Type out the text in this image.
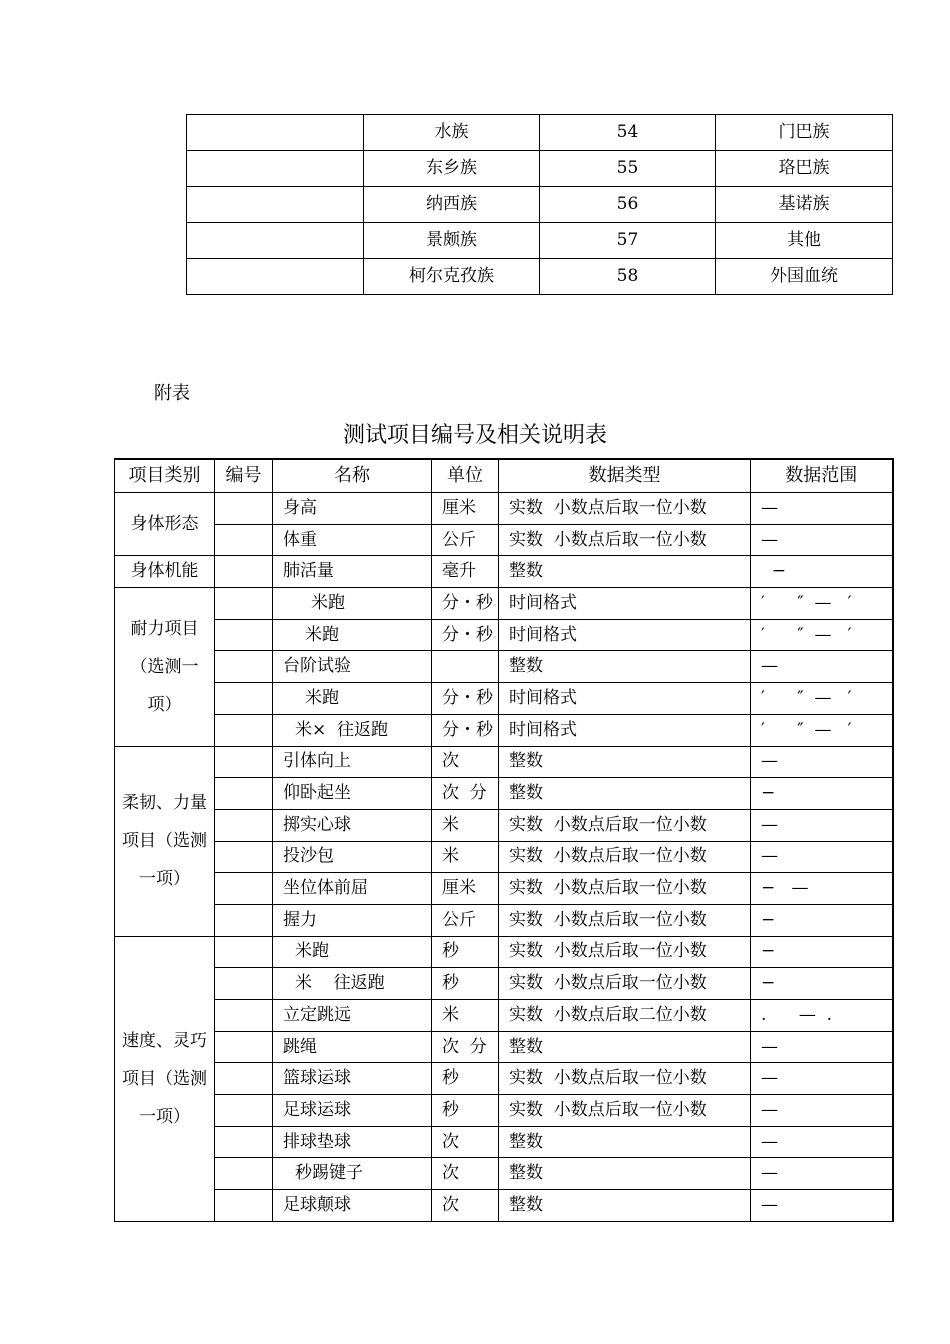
	水族	54	门巴族
	东乡族	55	珞巴族
	纳西族	56	基诺族
	景颇族	57	其他
	柯尔克孜族	58	外国血统
附表
测试项目编号及相关说明表
项目类别	编号	名称	单位	数据类型	数据范围
身体形态		身高	厘米	实数  小数点后取一位小数	—
		体重	公斤	实数  小数点后取一位小数	—
身体机能		肺活量	毫升	整数	−
耐力项目（选测一项）		米跑	分・秒	时间格式	′      ″  —   ′
		米跑	分・秒	时间格式	′      ″  —   ′
		台阶试验		整数	—
		米跑	分・秒	时间格式	′      ″  —   ′
		米×  往返跑	分・秒	时间格式	′      ″  —   ′
柔韧、力量项目（选测一项）		引体向上	次	整数	—
		仰卧起坐	次  分	整数	−
		掷实心球	米	实数  小数点后取一位小数	—
		投沙包	米	实数  小数点后取一位小数	—
		坐位体前屈	厘米	实数  小数点后取一位小数	−   —
		握力	公斤	实数  小数点后取一位小数	−
速度、灵巧项目（选测一项）		米跑	秒	实数  小数点后取一位小数	−
		米    往返跑	秒	实数  小数点后取一位小数	−
		立定跳远	米	实数  小数点后取二位小数	.      —  .
		跳绳	次  分	整数	—
		篮球运球	秒	实数  小数点后取一位小数	—
		足球运球	秒	实数  小数点后取一位小数	—
		排球垫球	次	整数	—
		秒踢键子	次	整数	—
		足球颠球	次	整数	—
